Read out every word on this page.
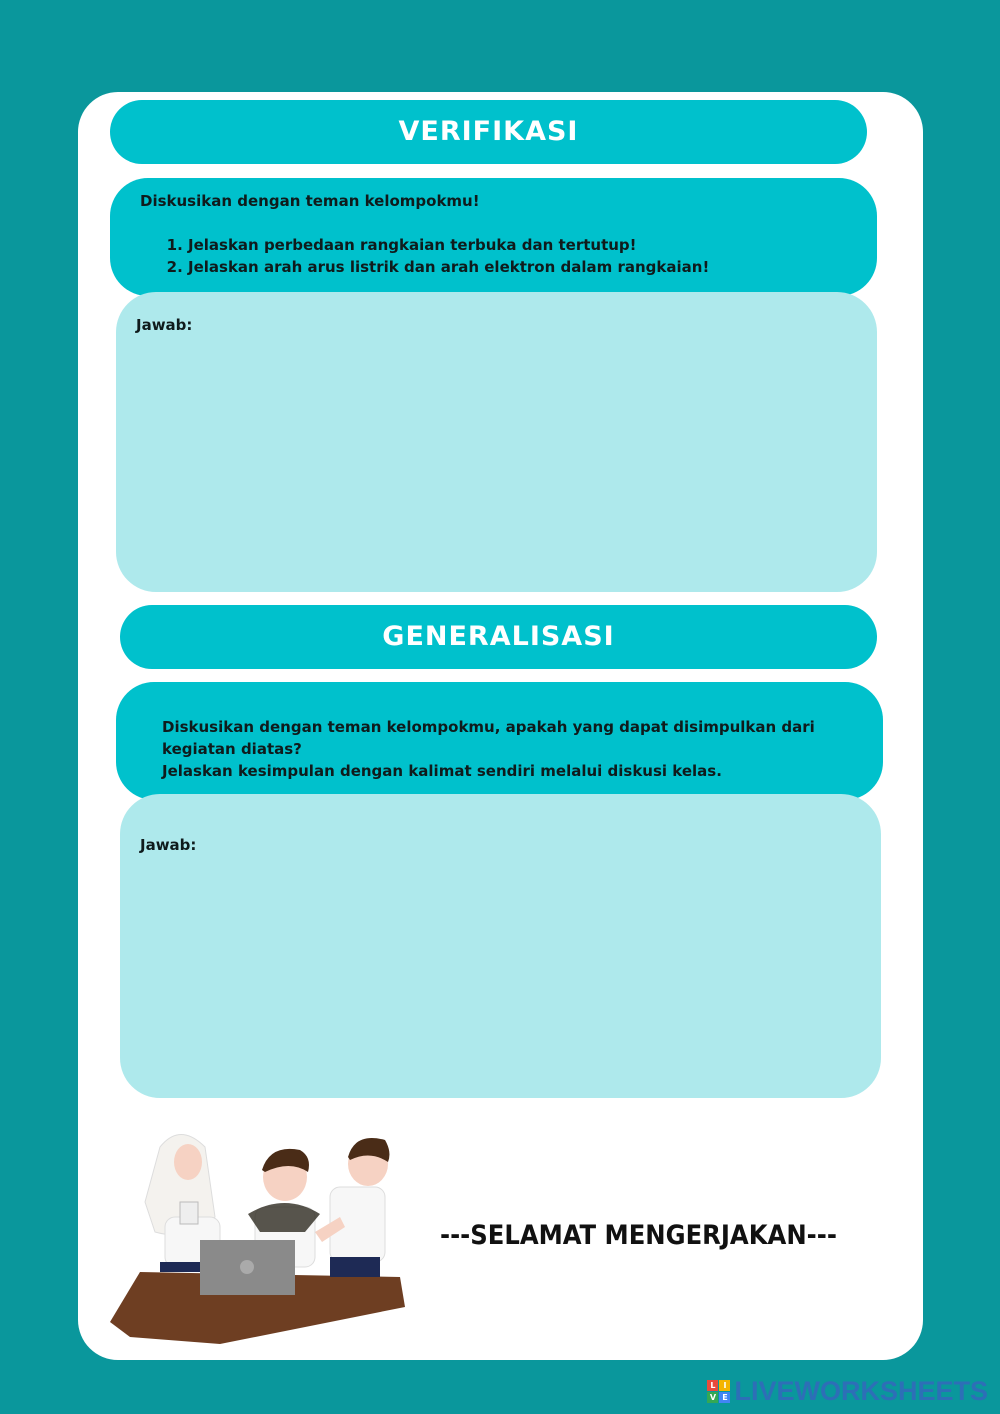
VERIFIKASI
Diskusikan dengan teman kelompokmu!
1. Jelaskan perbedaan rangkaian terbuka dan tertutup!
2. Jelaskan arah arus listrik dan arah elektron dalam rangkaian!
Jawab:
GENERALISASI
Diskusikan dengan teman kelompokmu, apakah yang dapat disimpulkan dari kegiatan diatas?
Jelaskan kesimpulan dengan kalimat sendiri melalui diskusi kelas.
Jawab:
---SELAMAT MENGERJAKAN---
L I
V E LIVEWORKSHEETS
